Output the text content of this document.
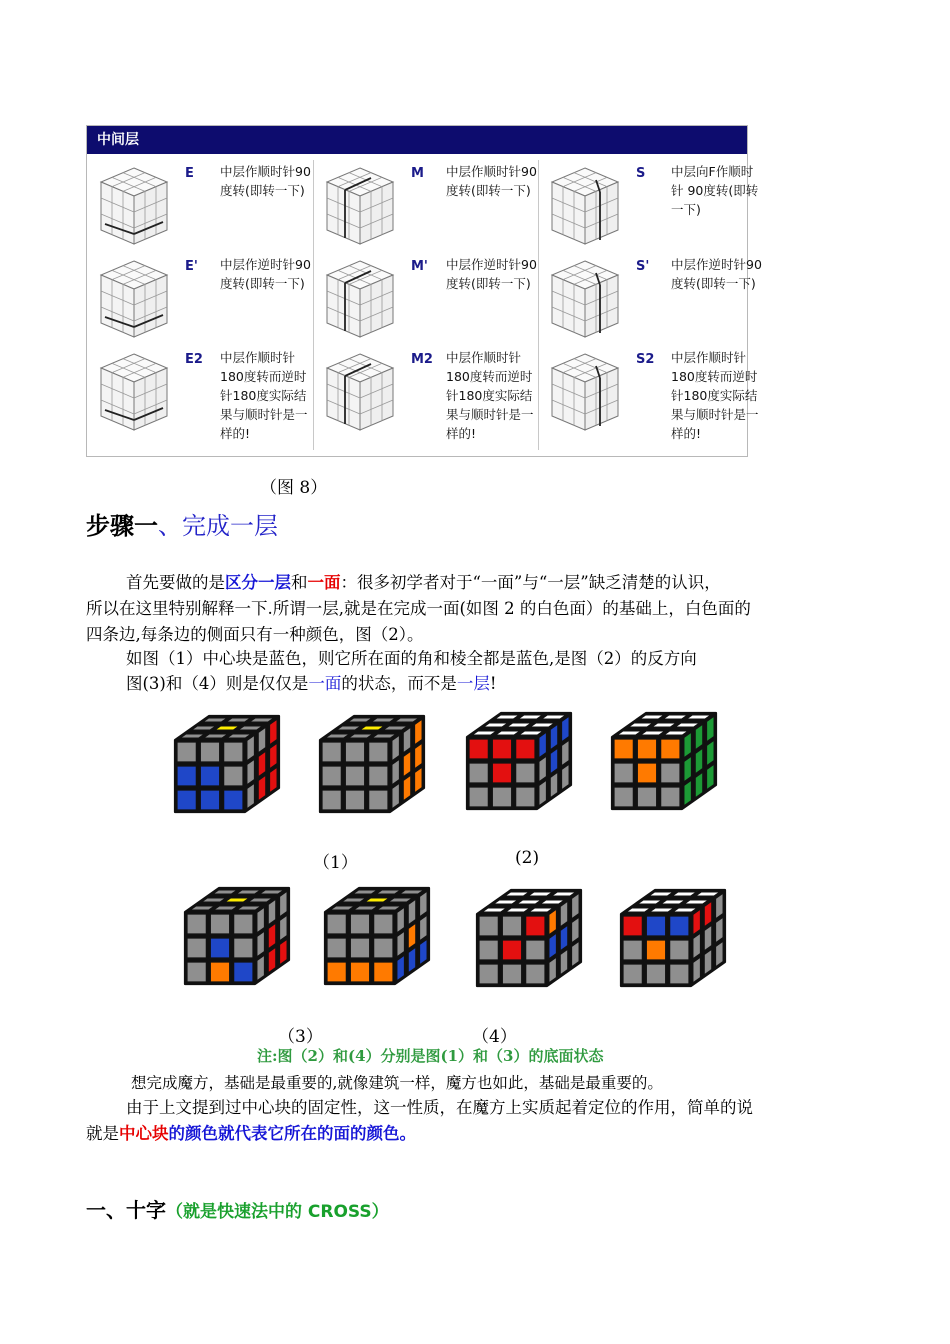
中间层
E 中层作顺时针90 度转(即转一下)
M 中层作顺时针90度转(即转一下)
S 中层向F作顺时针 90度转(即转一下)
E' 中层作逆时针90度转(即转一下)
M' 中层作逆时针90度转(即转一下)
S' 中层作逆时针90度转(即转一下)
E2 中层作顺时针180度转而逆时针180度实际结果与顺时针是一样的!
M2 中层作顺时针180度转而逆时针180度实际结果与顺时针是一样的!
S2 中层作顺时针180度转而逆时针180度实际结果与顺时针是一样的!
（图 8）
步骤一、完成一层
首先要做的是区分一层和一面：很多初学者对于“一面”与“一层”缺乏清楚的认识，
所以在这里特别解释一下.所谓一层,就是在完成一面(如图 2 的白色面）的基础上，白色面的
四条边,每条边的侧面只有一种颜色，图（2）。
如图（1）中心块是蓝色，则它所在面的角和棱全都是蓝色,是图（2）的反方向
图(3)和（4）则是仅仅是一面的状态，而不是一层!
（1）	(2)
（3）	（4）
注:图（2）和(4）分别是图(1）和（3）的底面状态
想完成魔方，基础是最重要的,就像建筑一样，魔方也如此，基础是最重要的。
由于上文提到过中心块的固定性，这一性质，在魔方上实质起着定位的作用，简单的说
就是中心块的颜色就代表它所在的面的颜色。
一、十字（就是快速法中的 CROSS）
